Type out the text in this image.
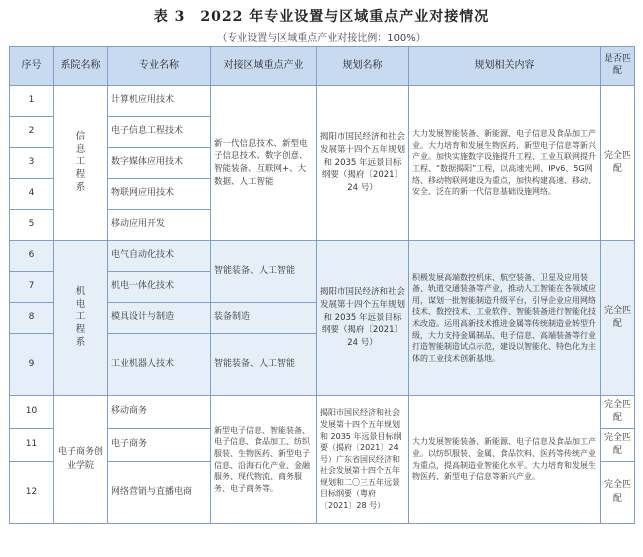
表 3　2022 年专业设置与区域重点产业对接情况
（专业设置与区域重点产业对接比例：100%）
序号	系院名称	专业名称	对接区域重点产业	规划名称	规划相关内容	是否匹配
1	信息工程系	计算机应用技术	新一代信息技术、新型电子信息技术、数字创意、智能装备、互联网+、大数据、人工智能	揭阳市国民经济和社会发展第十四个五年规划和 2035 年远景目标纲要（揭府〔2021〕24 号）	大力发展智能装备、新能源、电子信息及食品加工产业。大力培育和发展生物医药、新型电子信息等新兴产业。加快实施数字设施提升工程、工业互联网提升工程、“数据揭阳”工程，以高速光网、IPv6、5G网络、移动物联网建设为重点，加快构建高速、移动、安全、泛在的新一代信息基础设施网络。	完全匹配
2		电子信息工程技术				
3		数字媒体应用技术				
4		物联网应用技术				
5		移动应用开发				
6	机电工程系	电气自动化技术	智能装备、人工智能	揭阳市国民经济和社会发展第十四个五年规划和 2035 年远景目标纲要（揭府〔2021〕24 号）	积极发展高端数控机床、航空装备、卫星及应用装备、轨道交通装备等产业，推动人工智能在各领域应用，谋划一批智能制造升级平台，引导企业应用网络技术、数控技术、工业软件、智能装备进行智能化技术改造。运用高新技术推进金属等传统制造业转型升级，大力支持金属制品、电子信息、高端装备等行业打造智能制造试点示范，建设以智能化、特色化为主体的工业技术创新基地。	完全匹配
7		机电一体化技术				
8		模具设计与制造	装备制造			
9		工业机器人技术	智能装备、人工智能			
10	电子商务创业学院	移动商务	新型电子信息、智能装备、电子信息、食品加工、纺织服装、生物医药、新型电子信息、沿海石化产业、金融服务、现代物流、商务服务、电子商务等。	揭阳市国民经济和社会发展第十四个五年规划和 2035 年远景目标纲要（揭府〔2021〕24 号）广东省国民经济和社会发展第十四个五年规划和二〇三五年远景目标纲要（粤府〔2021〕28 号）	大力发展智能装备、新能源、电子信息及食品加工产业。以纺织服装、金属、食品饮料、医药等传统产业为重点，提高制造业智能化水平。大力培育和发展生物医药、新型电子信息等新兴产业。	完全匹配
11		电子商务				完全匹配
12		网络营销与直播电商				完全匹配
